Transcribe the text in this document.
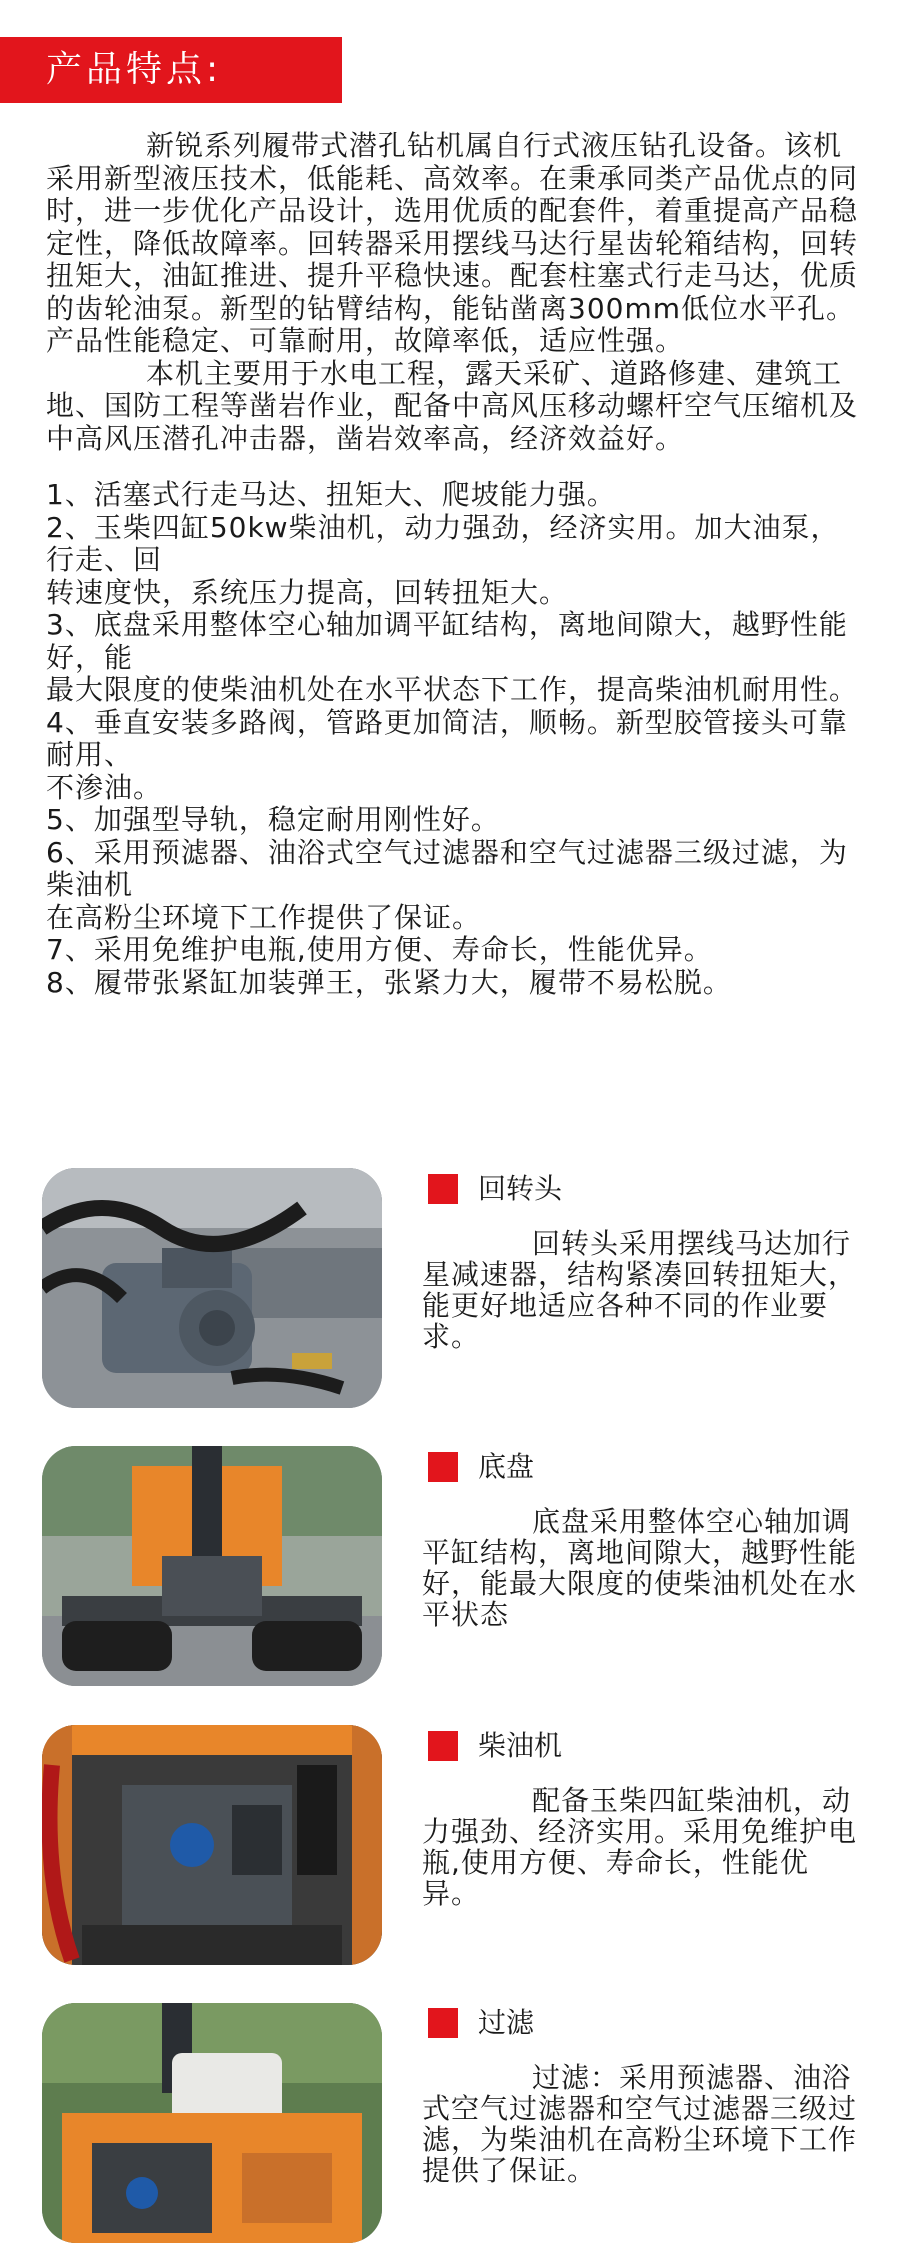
产品特点:

新锐系列履带式潜孔钻机属自行式液压钻孔设备。该机采用新型液压技术，低能耗、高效率。在秉承同类产品优点的同时，进一步优化产品设计，选用优质的配套件，着重提高产品稳定性，降低故障率。回转器采用摆线马达行星齿轮箱结构，回转扭矩大，油缸推进、提升平稳快速。配套柱塞式行走马达，优质的齿轮油泵。新型的钻臂结构，能钻凿离300mm低位水平孔。产品性能稳定、可靠耐用，故障率低，适应性强。

本机主要用于水电工程，露天采矿、道路修建、建筑工地、国防工程等凿岩作业，配备中高风压移动螺杆空气压缩机及中高风压潜孔冲击器，凿岩效率高，经济效益好。

1、活塞式行走马达、扭矩大、爬坡能力强。

2、玉柴四缸50kw柴油机，动力强劲，经济实用。加大油泵，行走、回

转速度快，系统压力提高，回转扭矩大。

3、底盘采用整体空心轴加调平缸结构，离地间隙大，越野性能好，能

最大限度的使柴油机处在水平状态下工作，提高柴油机耐用性。

4、垂直安装多路阀，管路更加简洁，顺畅。新型胶管接头可靠耐用、

不渗油。

5、加强型导轨，稳定耐用刚性好。

6、采用预滤器、油浴式空气过滤器和空气过滤器三级过滤，为柴油机

在高粉尘环境下工作提供了保证。

7、采用免维护电瓶,使用方便、寿命长，性能优异。

8、履带张紧缸加装弹王，张紧力大，履带不易松脱。

回转头
回转头采用摆线马达加行星减速器，结构紧凑回转扭矩大，能更好地适应各种不同的作业要求。
底盘
底盘采用整体空心轴加调平缸结构，离地间隙大，越野性能好，能最大限度的使柴油机处在水平状态
柴油机
配备玉柴四缸柴油机，动力强劲、经济实用。采用免维护电瓶,使用方便、寿命长，性能优异。
过滤
过滤：采用预滤器、油浴式空气过滤器和空气过滤器三级过滤，为柴油机在高粉尘环境下工作提供了保证。
